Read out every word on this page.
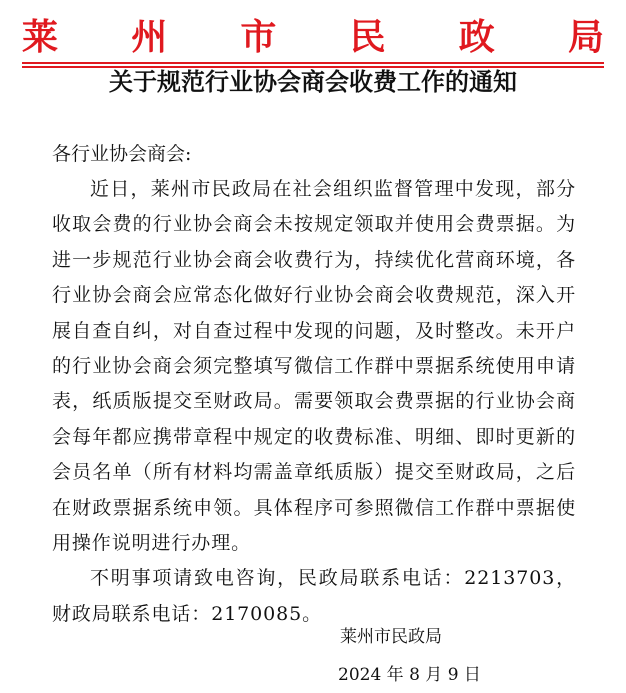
莱 州 市 民 政 局
关于规范行业协会商会收费工作的通知

各行业协会商会:

近日，莱州市民政局在社会组织监督管理中发现，部分收取会费的行业协会商会未按规定领取并使用会费票据。为进一步规范行业协会商会收费行为，持续优化营商环境，各行业协会商会应常态化做好行业协会商会收费规范，深入开展自查自纠，对自查过程中发现的问题，及时整改。未开户的行业协会商会须完整填写微信工作群中票据系统使用申请表，纸质版提交至财政局。需要领取会费票据的行业协会商会每年都应携带章程中规定的收费标准、明细、即时更新的会员名单（所有材料均需盖章纸质版）提交至财政局，之后在财政票据系统申领。具体程序可参照微信工作群中票据使用操作说明进行办理。

不明事项请致电咨询，民政局联系电话：2213703，财政局联系电话：2170085。

莱州市民政局
2024 年 8 月 9 日
